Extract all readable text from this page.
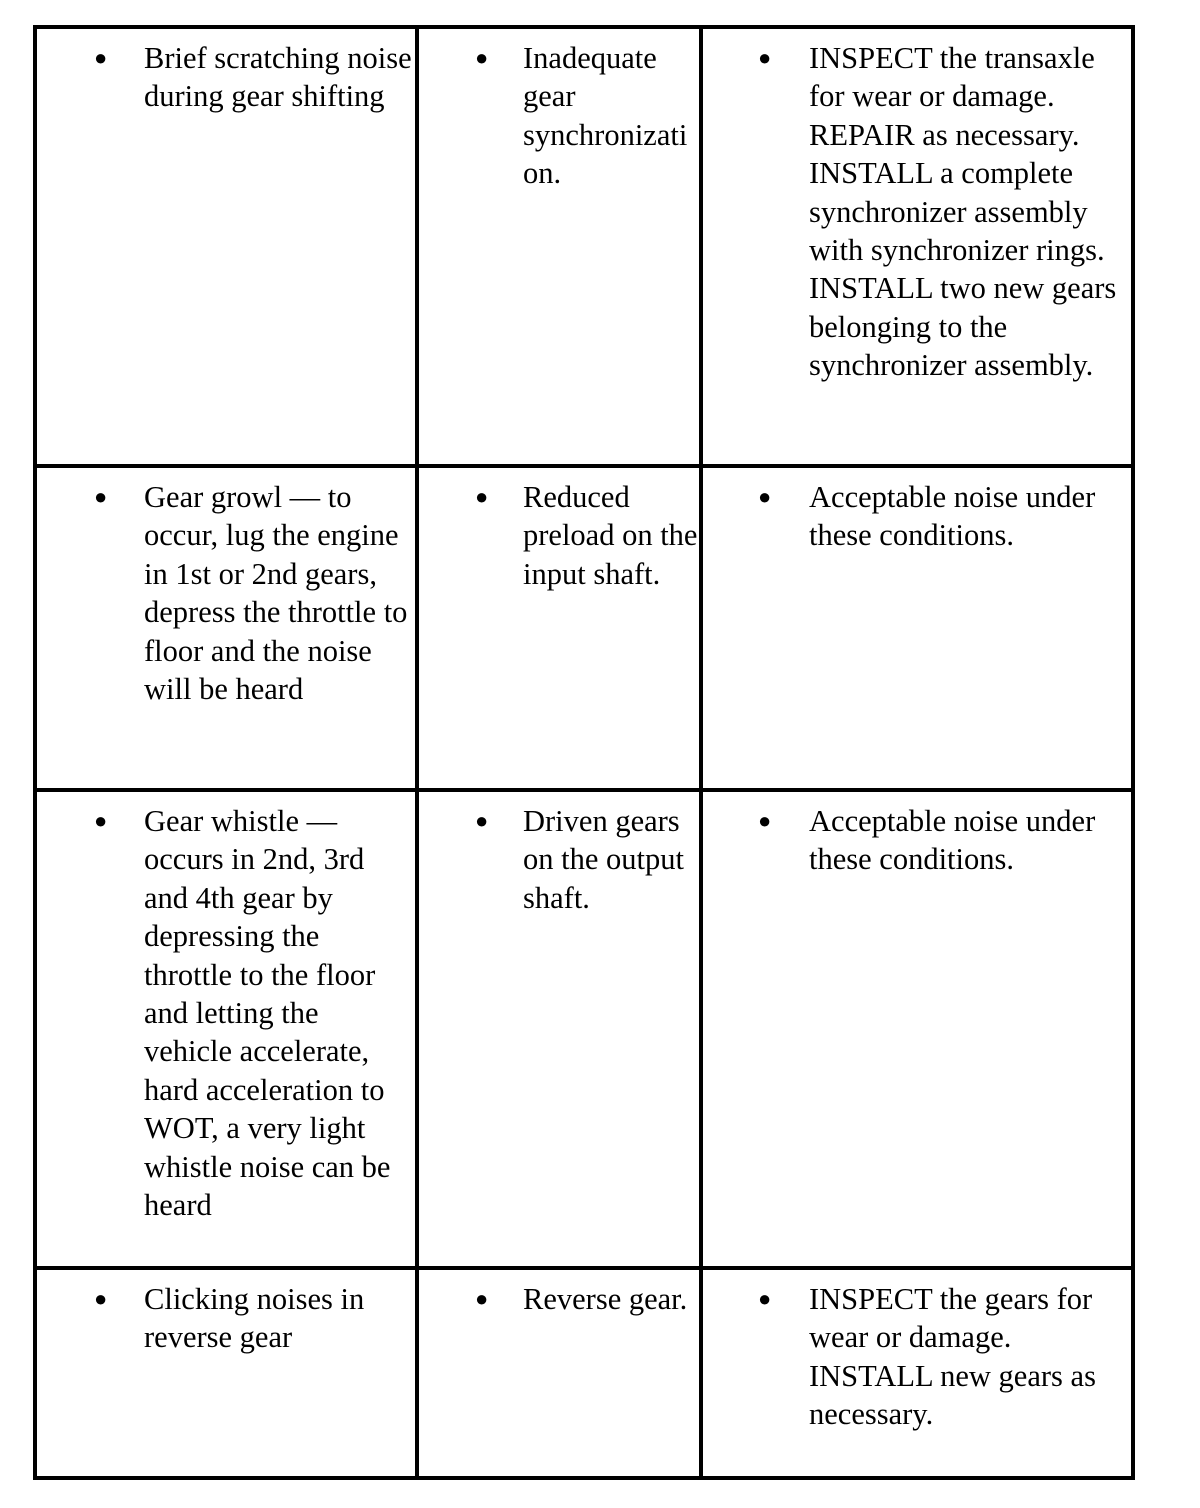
● Brief scratching noise during gear shifting	● Inadequate gear synchronization.	● INSPECT the transaxle for wear or damage. REPAIR as necessary. INSTALL a complete synchronizer assembly with synchronizer rings. INSTALL two new gears belonging to the synchronizer assembly.

● Gear growl — to occur, lug the engine in 1st or 2nd gears, depress the throttle to floor and the noise will be heard	● Reduced preload on the input shaft.	● Acceptable noise under these conditions.

● Gear whistle — occurs in 2nd, 3rd and 4th gear by depressing the throttle to the floor and letting the vehicle accelerate, hard acceleration to WOT, a very light whistle noise can be heard	● Driven gears on the output shaft.	● Acceptable noise under these conditions.

● Clicking noises in reverse gear	● Reverse gear.	● INSPECT the gears for wear or damage. INSTALL new gears as necessary.
